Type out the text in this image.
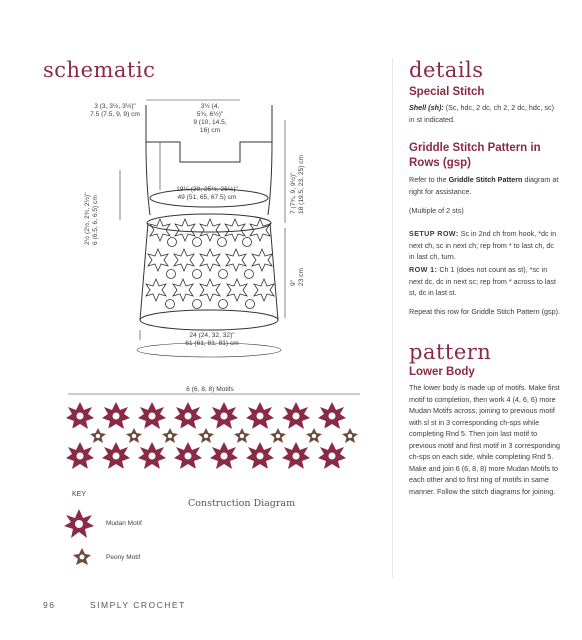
schematic
3 (3, 3½, 3½)"
7.5 (7.5, 9, 9) cm
3½ (4,
5¾, 6½)"
9 (10, 14.5,
16) cm
2½ (2½, 2¾, 2½)" 6 (6.5, 6, 6.5) cm
19¼ (20, 25½, 26½)"
49 (51, 65, 67.5) cm	7 (7¾, 9, 9½)" 18 (19.5, 23, 25) cm
9" 23 cm
24 (24, 32, 32)"
61 (61, 81, 81) cm
6 (6, 8, 8) Motifs
A	C	E	G	I	K	M	O
B	D	F	H	J	L	N	P
KEY
Mudan Motif
Peony Motif
Construction Diagram
details
Special Stitch

Shell (sh): (Sc, hdc, 2 dc, ch 2, 2 dc, hdc, sc) in st indicated.

Griddle Stitch Pattern in Rows (gsp)

Refer to the Griddle Stitch Pattern diagram at right for assistance.

(Multiple of 2 sts)

SETUP ROW: Sc in 2nd ch from hook, *dc in next ch, sc in next ch; rep from * to last ch, dc in last ch, turn.

ROW 1: Ch 1 (does not count as st), *sc in next dc, dc in next sc; rep from * across to last st, dc in last st.

Repeat this row for Griddle Stitch Pattern (gsp).

pattern
Lower Body

The lower body is made up of motifs. Make first motif to completion, then work 4 (4, 6, 6) more Mudan Motifs across, joining to previous motif with sl st in 3 corresponding ch-sps while completing Rnd 5. Then join last motif to previous motif and first motif in 3 corresponding ch-sps on each side, while completing Rnd 5. Make and join 6 (6, 8, 8) more Mudan Motifs to each other and to first ring of motifs in same manner. Follow the stitch diagrams for joining.

96	SIMPLY CROCHET
